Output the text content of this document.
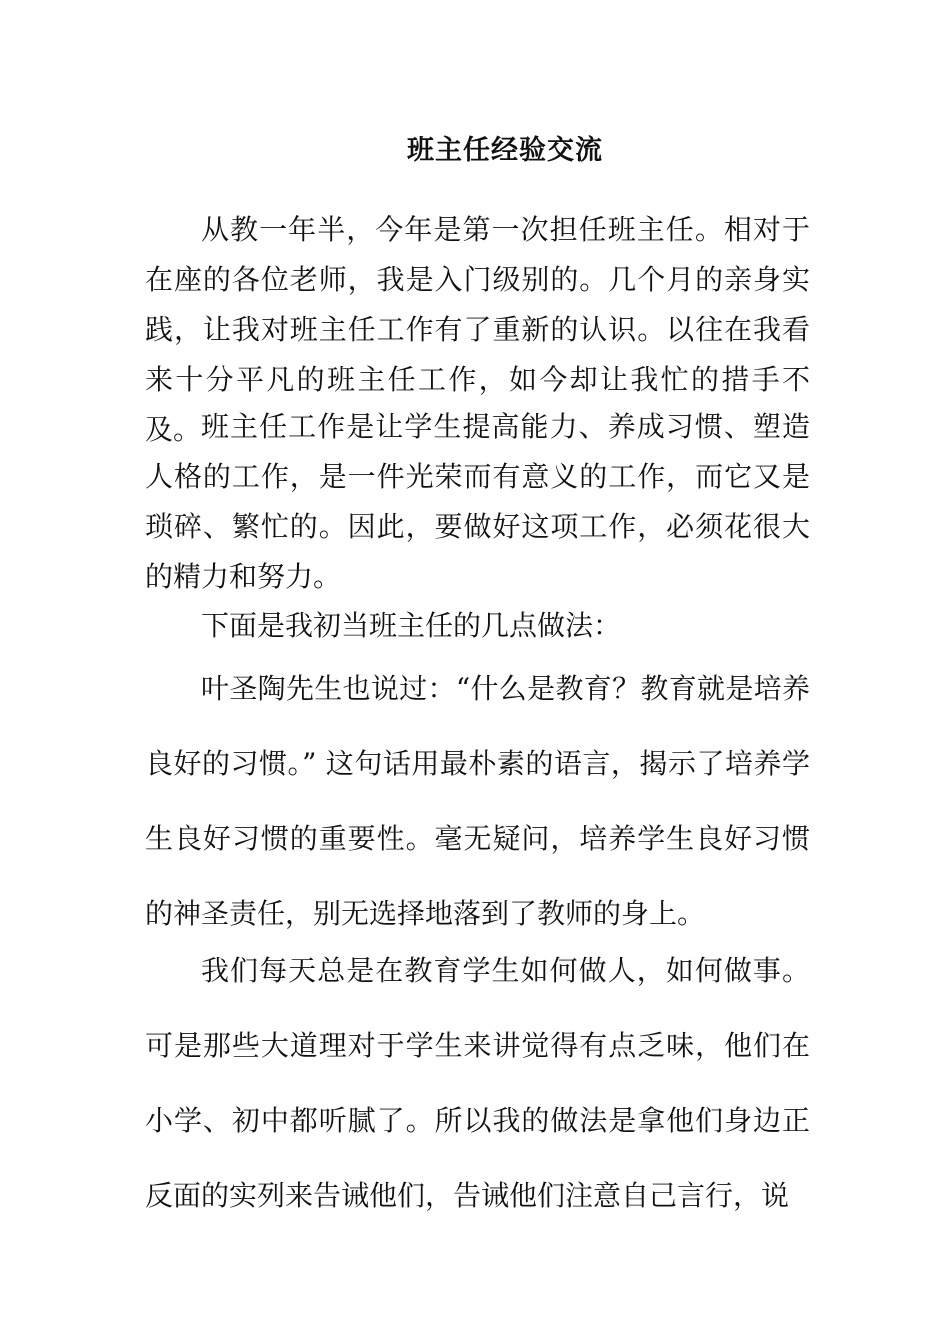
班主任经验交流

从教一年半，今年是第一次担任班主任。相对于在座的各位老师，我是入门级别的。几个月的亲身实践，让我对班主任工作有了重新的认识。以往在我看来十分平凡的班主任工作，如今却让我忙的措手不及。 班主任工作是让学生提高能力、养成习惯、塑造人格的工作，是一件光荣而有意义的工作，而它又是琐碎、繁忙的。因此，要做好这项工作，必须花很大的精力和努力。

下面是我初当班主任的几点做法：

叶圣陶先生也说过：“什么是教育？教育就是培养良好的习惯。” 这句话用最朴素的语言，揭示了培养学生良好习惯的重要性。毫无疑问，培养学生良好习惯的神圣责任，别无选择地落到了教师的身上。

我们每天总是在教育学生如何做人，如何做事。可是那些大道理对于学生来讲觉得有点乏味，他们在小学、初中都听腻了。所以我的做法是拿他们身边正反面的实列来告诫他们，告诫他们注意自己言行，说
